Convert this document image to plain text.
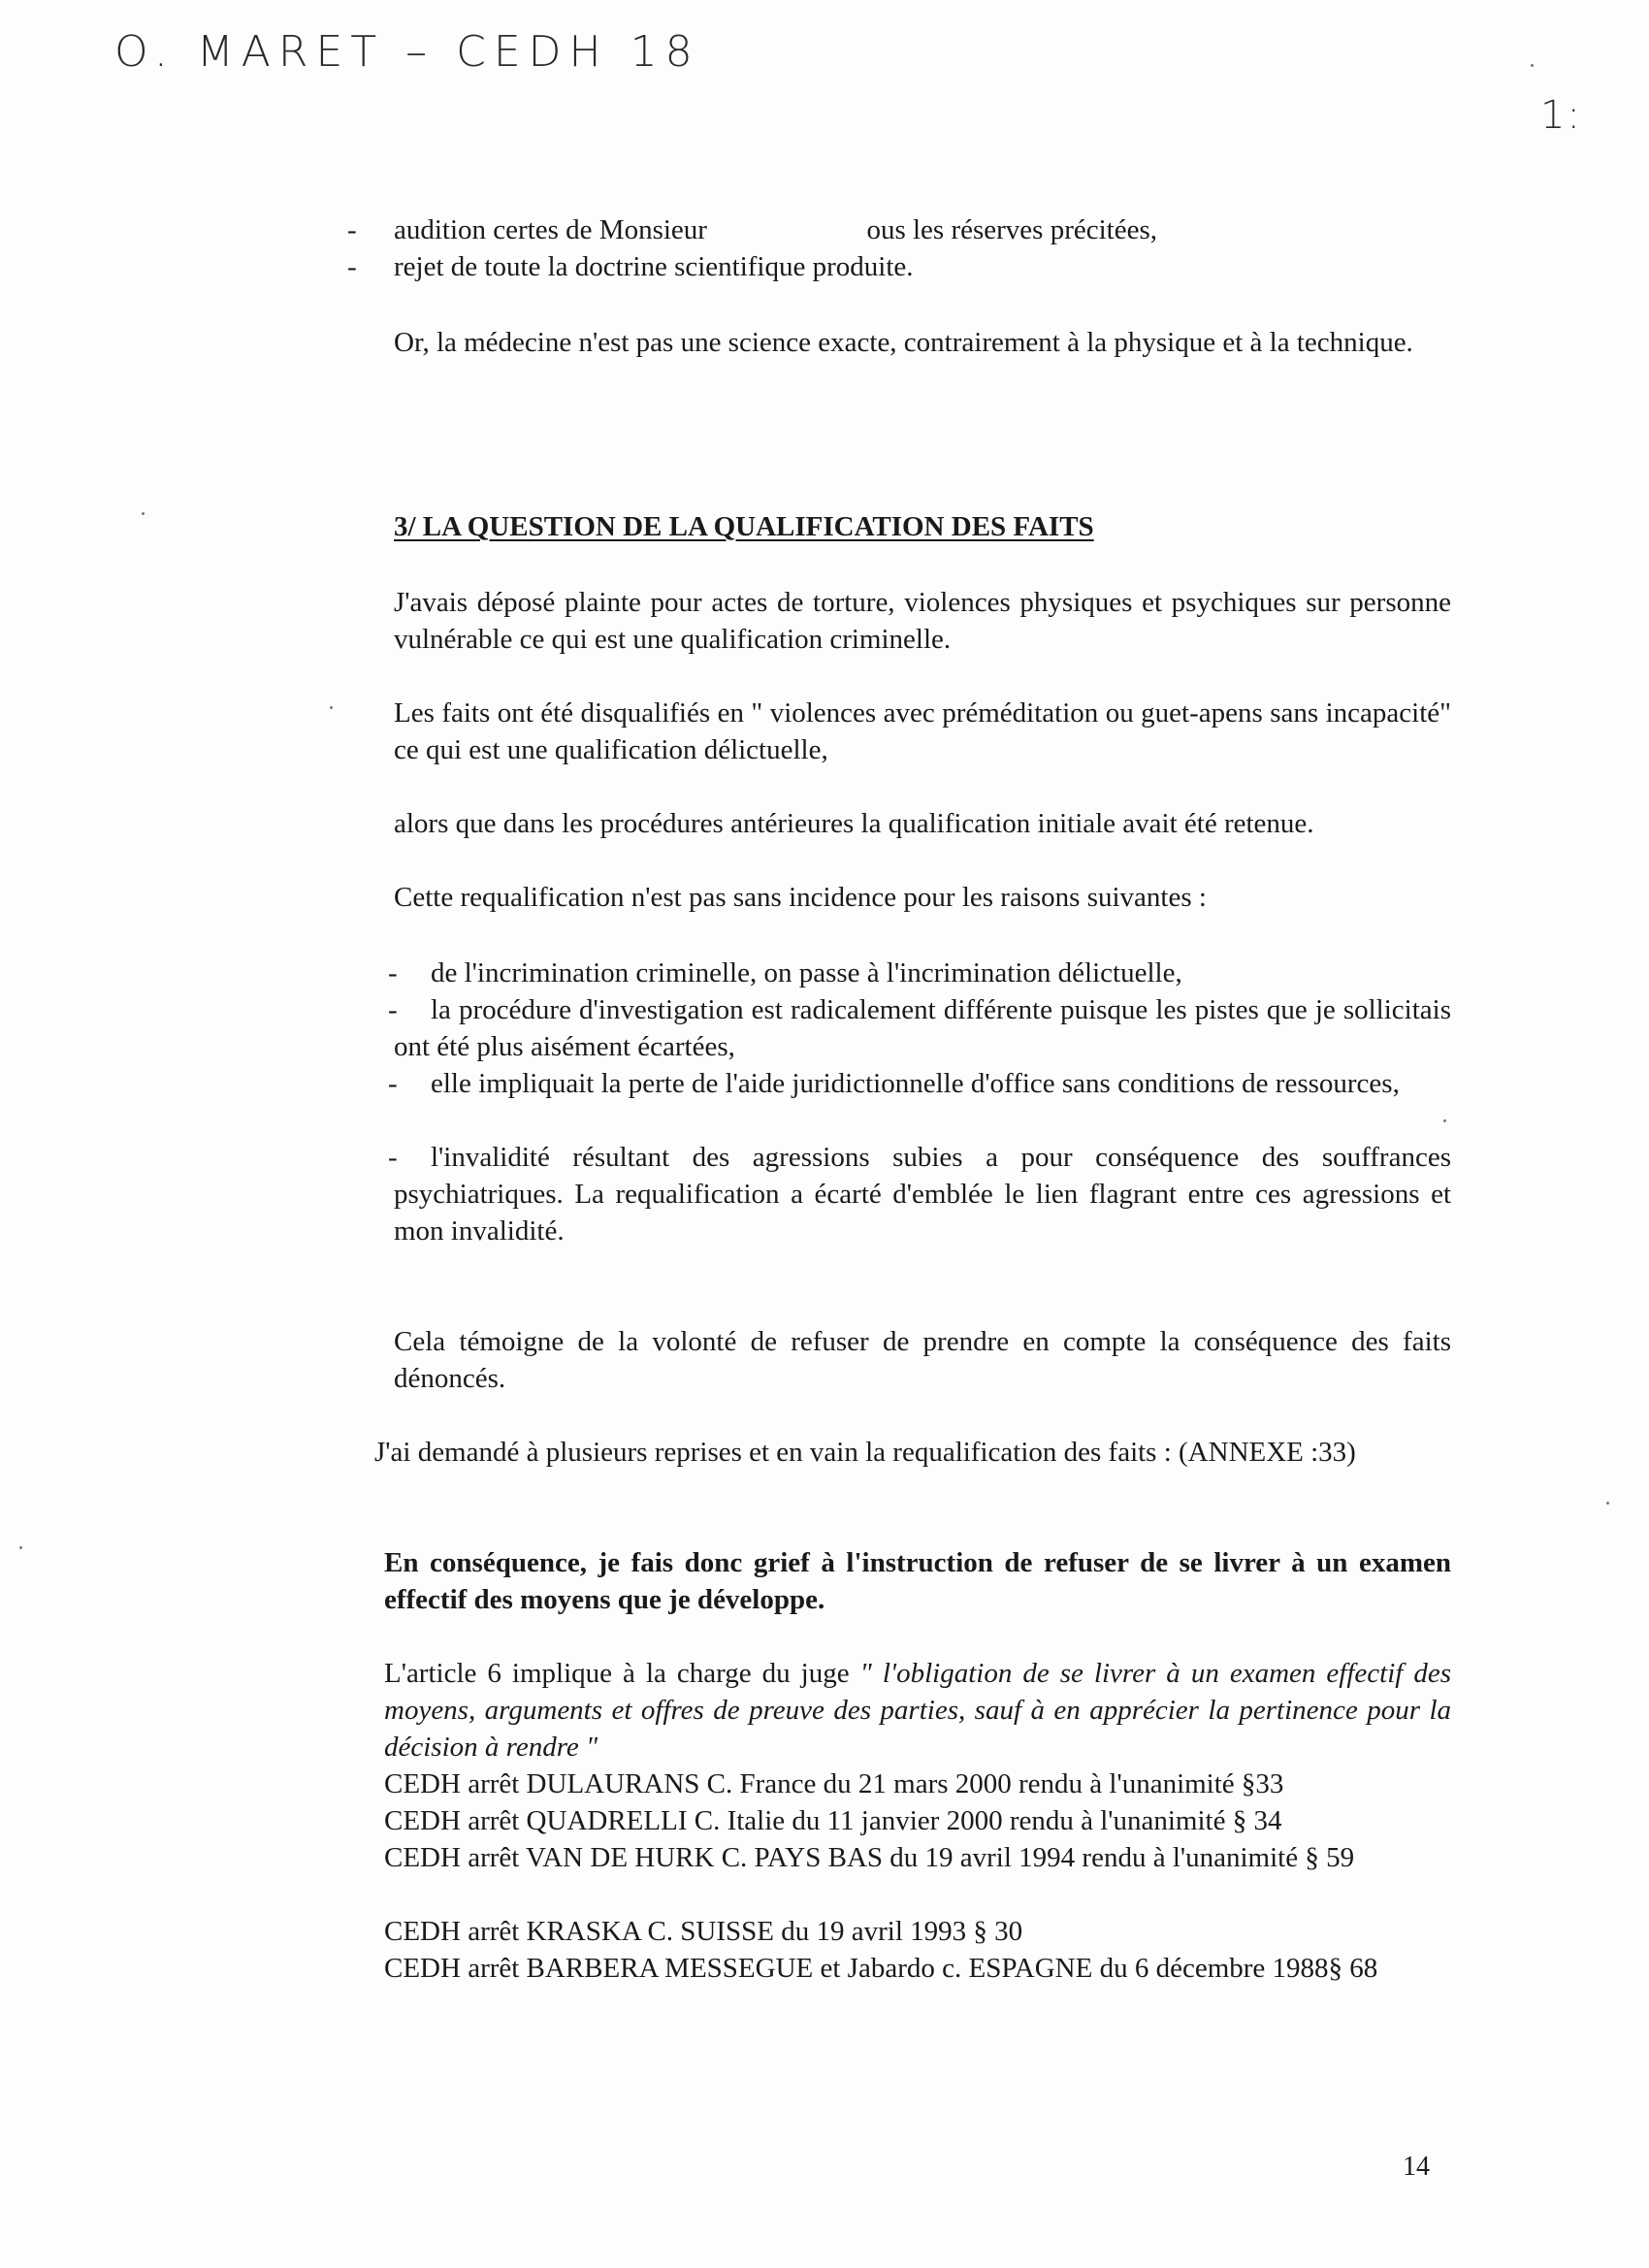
O. MARET – CEDH 18
1:
- audition certes de Monsieur	ous les réserves précitées,

- rejet de toute la doctrine scientifique produite.

Or, la médecine n'est pas une science exacte, contrairement à la physique et à la technique.

3/ LA QUESTION DE LA QUALIFICATION DES FAITS

J'avais déposé plainte pour actes de torture, violences physiques et psychiques sur personne vulnérable ce qui est une qualification criminelle.

Les faits ont été disqualifiés en " violences avec préméditation ou guet-apens sans incapacité" ce qui est une qualification délictuelle,

alors que dans les procédures antérieures la qualification initiale avait été retenue.

Cette requalification n'est pas sans incidence pour les raisons suivantes :

-	de l'incrimination criminelle, on passe à l'incrimination délictuelle,

-	la procédure d'investigation est radicalement différente puisque les pistes que je sollicitais ont été plus aisément écartées,

-	elle impliquait la perte de l'aide juridictionnelle d'office sans conditions de ressources,

-	l'invalidité résultant des agressions subies a pour conséquence des souffrances psychiatriques. La requalification a écarté d'emblée le lien flagrant entre ces agressions et mon invalidité.

Cela témoigne de la volonté de refuser de prendre en compte la conséquence des faits dénoncés.

J'ai demandé à plusieurs reprises et en vain la requalification des faits : (ANNEXE :33)

En conséquence, je fais donc grief à l'instruction de refuser de se livrer à un examen effectif des moyens que je développe.

L'article 6 implique à la charge du juge " l'obligation de se livrer à un examen effectif des moyens, arguments et offres de preuve des parties, sauf à en apprécier la pertinence pour la décision à rendre "

CEDH arrêt DULAURANS C. France du 21 mars 2000 rendu à l'unanimité §33

CEDH arrêt QUADRELLI C. Italie du 11 janvier 2000 rendu à l'unanimité § 34

CEDH arrêt VAN DE HURK C. PAYS BAS du 19 avril 1994 rendu à l'unanimité § 59

CEDH arrêt KRASKA C. SUISSE du 19 avril 1993 § 30

CEDH arrêt BARBERA MESSEGUE et Jabardo c. ESPAGNE du 6 décembre 1988§ 68

14
